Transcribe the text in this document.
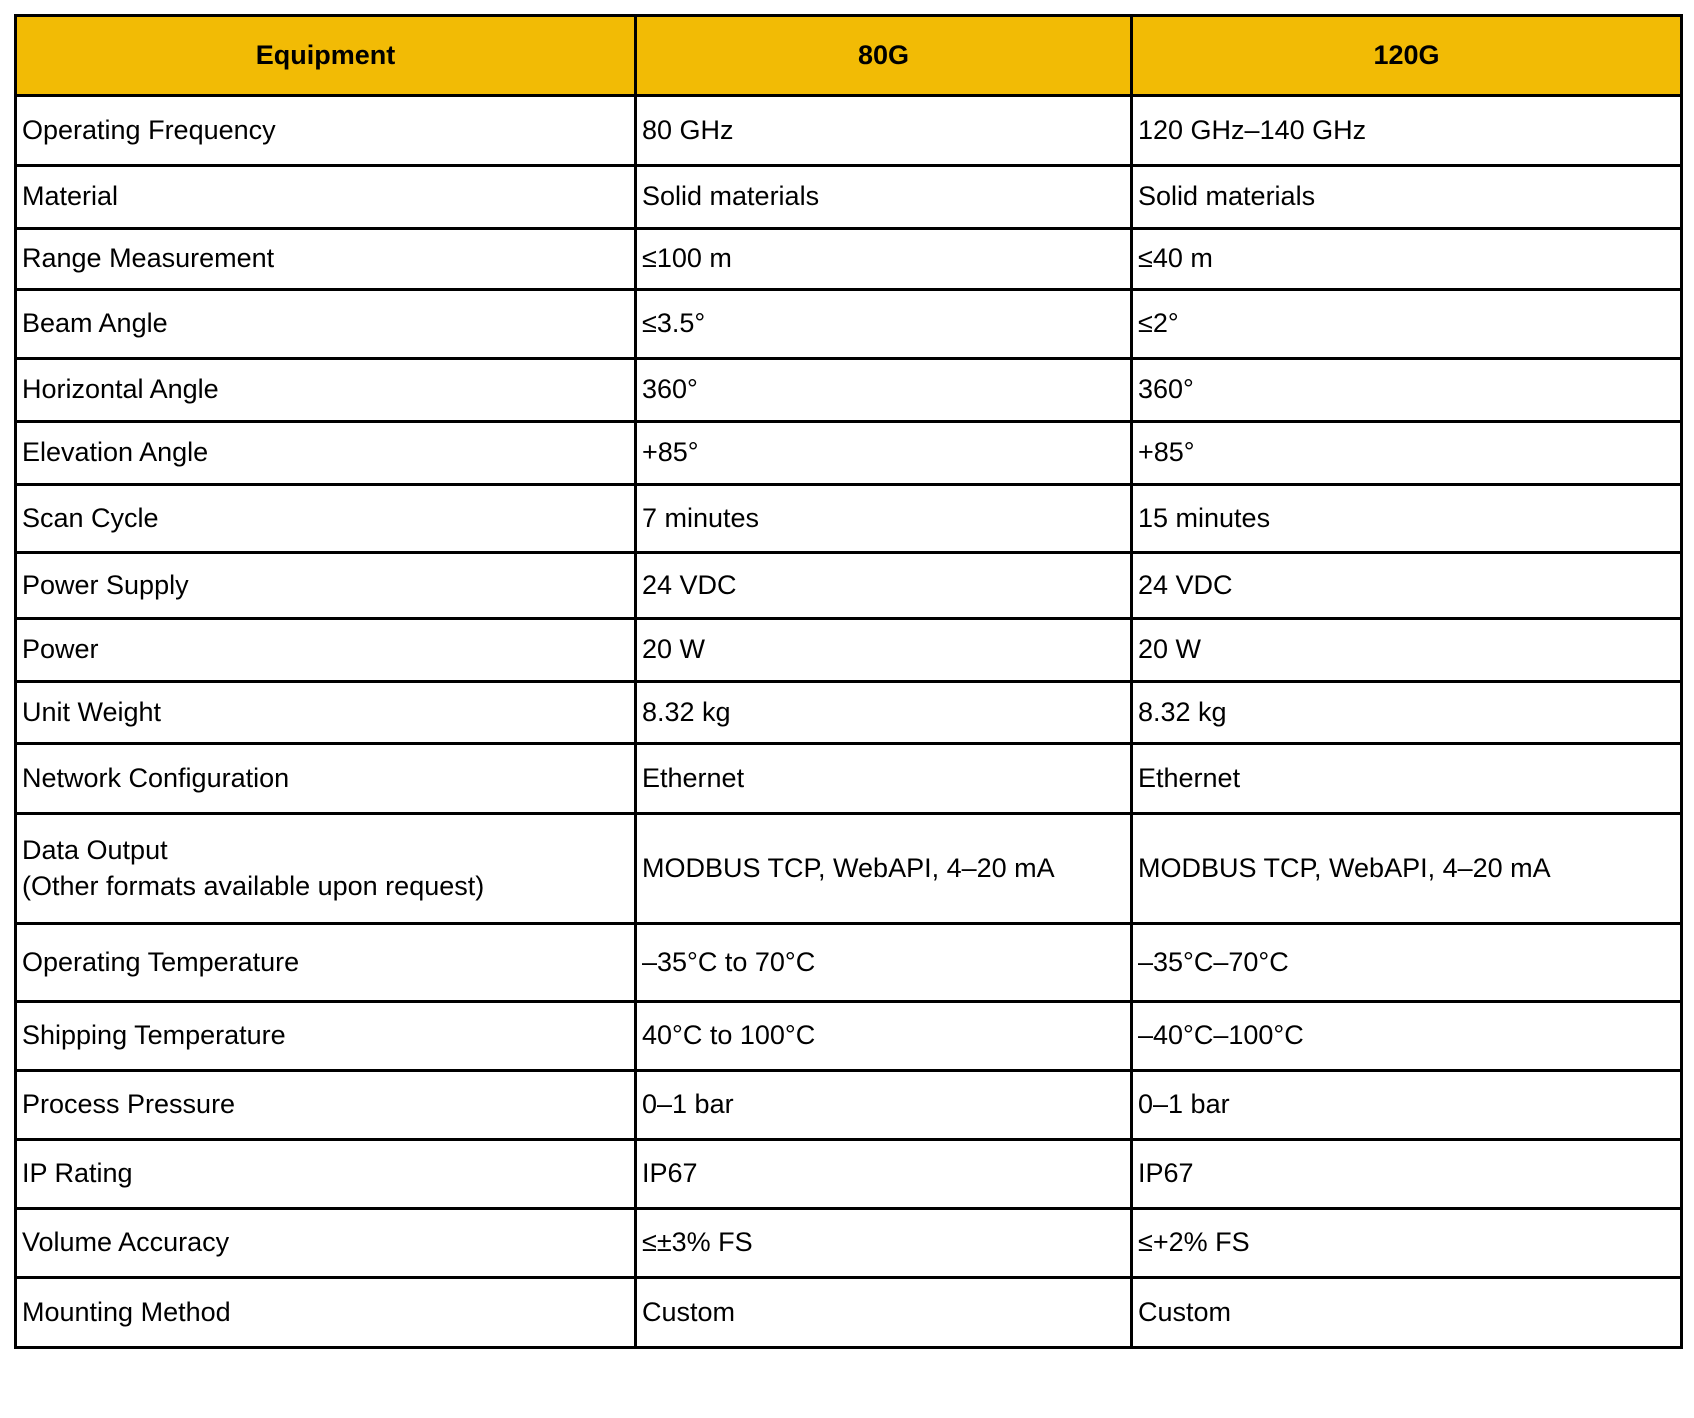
Equipment	80G	120G

Operating Frequency	80 GHz	120 GHz–140 GHz

Material	Solid materials	Solid materials

Range Measurement	≤100 m	≤40 m

Beam Angle	≤3.5°	≤2°

Horizontal Angle	360°	360°

Elevation Angle	+85°	+85°

Scan Cycle	7 minutes	15 minutes

Power Supply	24 VDC	24 VDC

Power	20 W	20 W

Unit Weight	8.32 kg	8.32 kg

Network Configuration	Ethernet	Ethernet

Data Output
(Other formats available upon request)	MODBUS TCP, WebAPI, 4–20 mA	MODBUS TCP, WebAPI, 4–20 mA

Operating Temperature	–35°C to 70°C	–35°C–70°C

Shipping Temperature	40°C to 100°C	–40°C–100°C

Process Pressure	0–1 bar	0–1 bar

IP Rating	IP67	IP67

Volume Accuracy	≤±3% FS	≤+2% FS

Mounting Method	Custom	Custom
